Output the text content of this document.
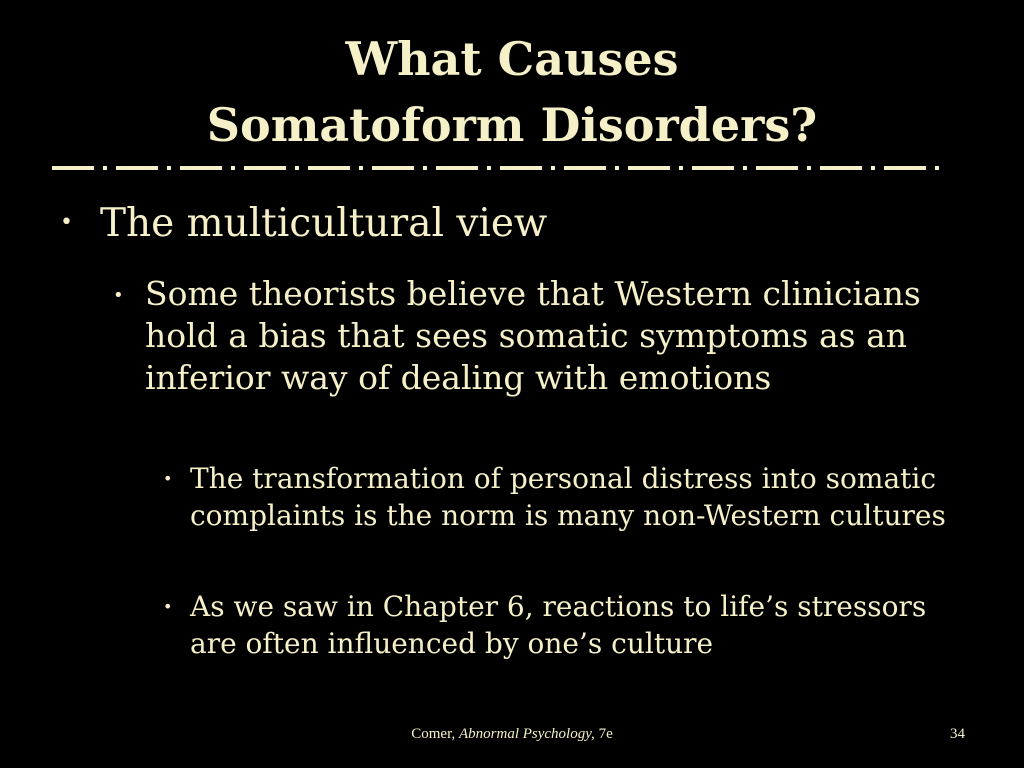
What Causes
Somatoform Disorders?
• The multicultural view
• Some theorists believe that Western clinicians hold a bias that sees somatic symptoms as an inferior way of dealing with emotions
• The transformation of personal distress into somatic complaints is the norm is many non-Western cultures
• As we saw in Chapter 6, reactions to life’s stressors are often influenced by one’s culture
Comer, Abnormal Psychology, 7e	34
